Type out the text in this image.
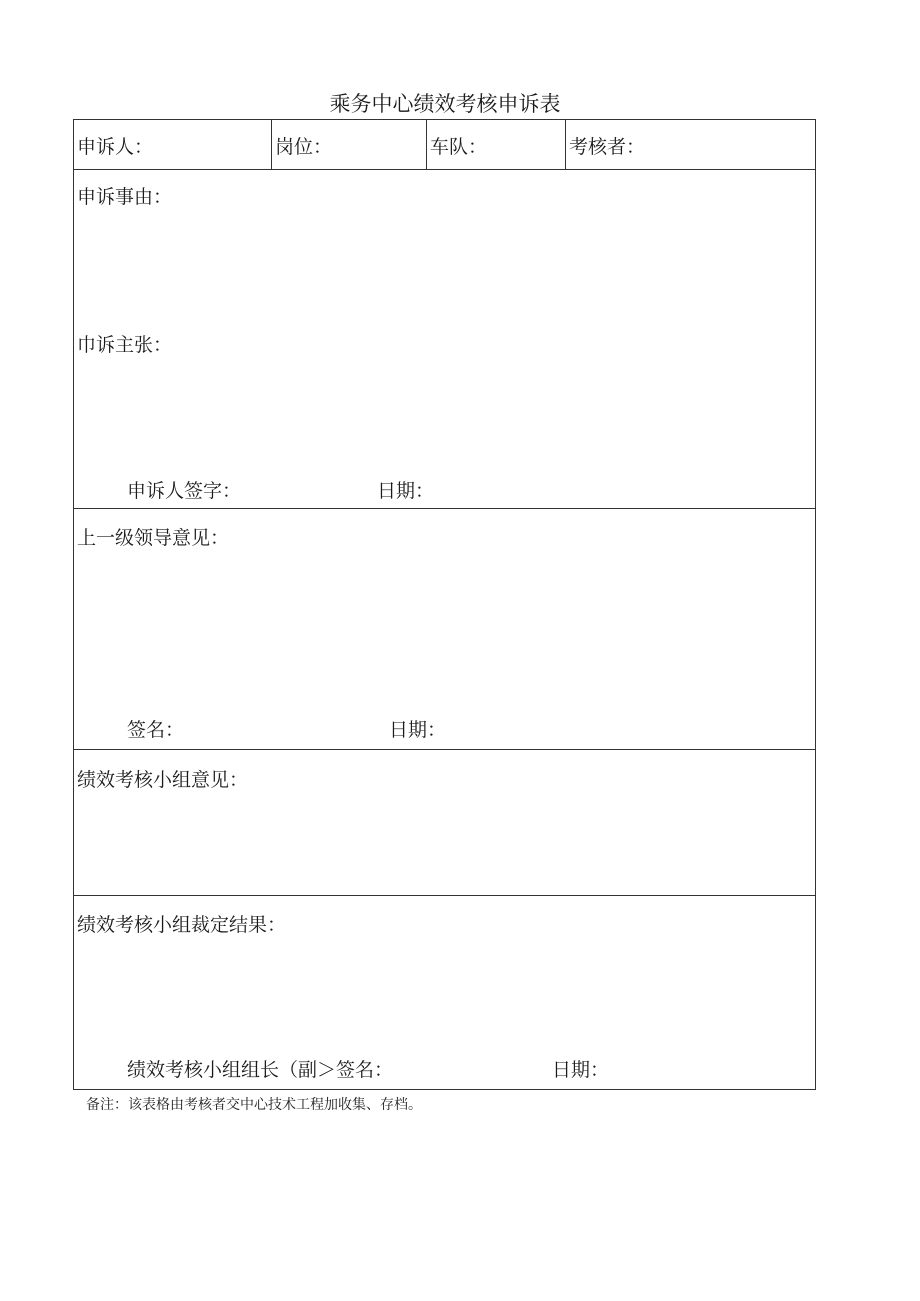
乘务中心绩效考核申诉表
申诉人：	岗位：	车队：	考核者：

申诉事由：
巾诉主张：
申诉人签字：	日期：

上一级领导意见：
签名：	日期：

绩效考核小组意见：

绩效考核小组裁定结果：
绩效考核小组组长（副＞签名：	日期：
备注：该表格由考核者交中心技术工程加收集、存档。
